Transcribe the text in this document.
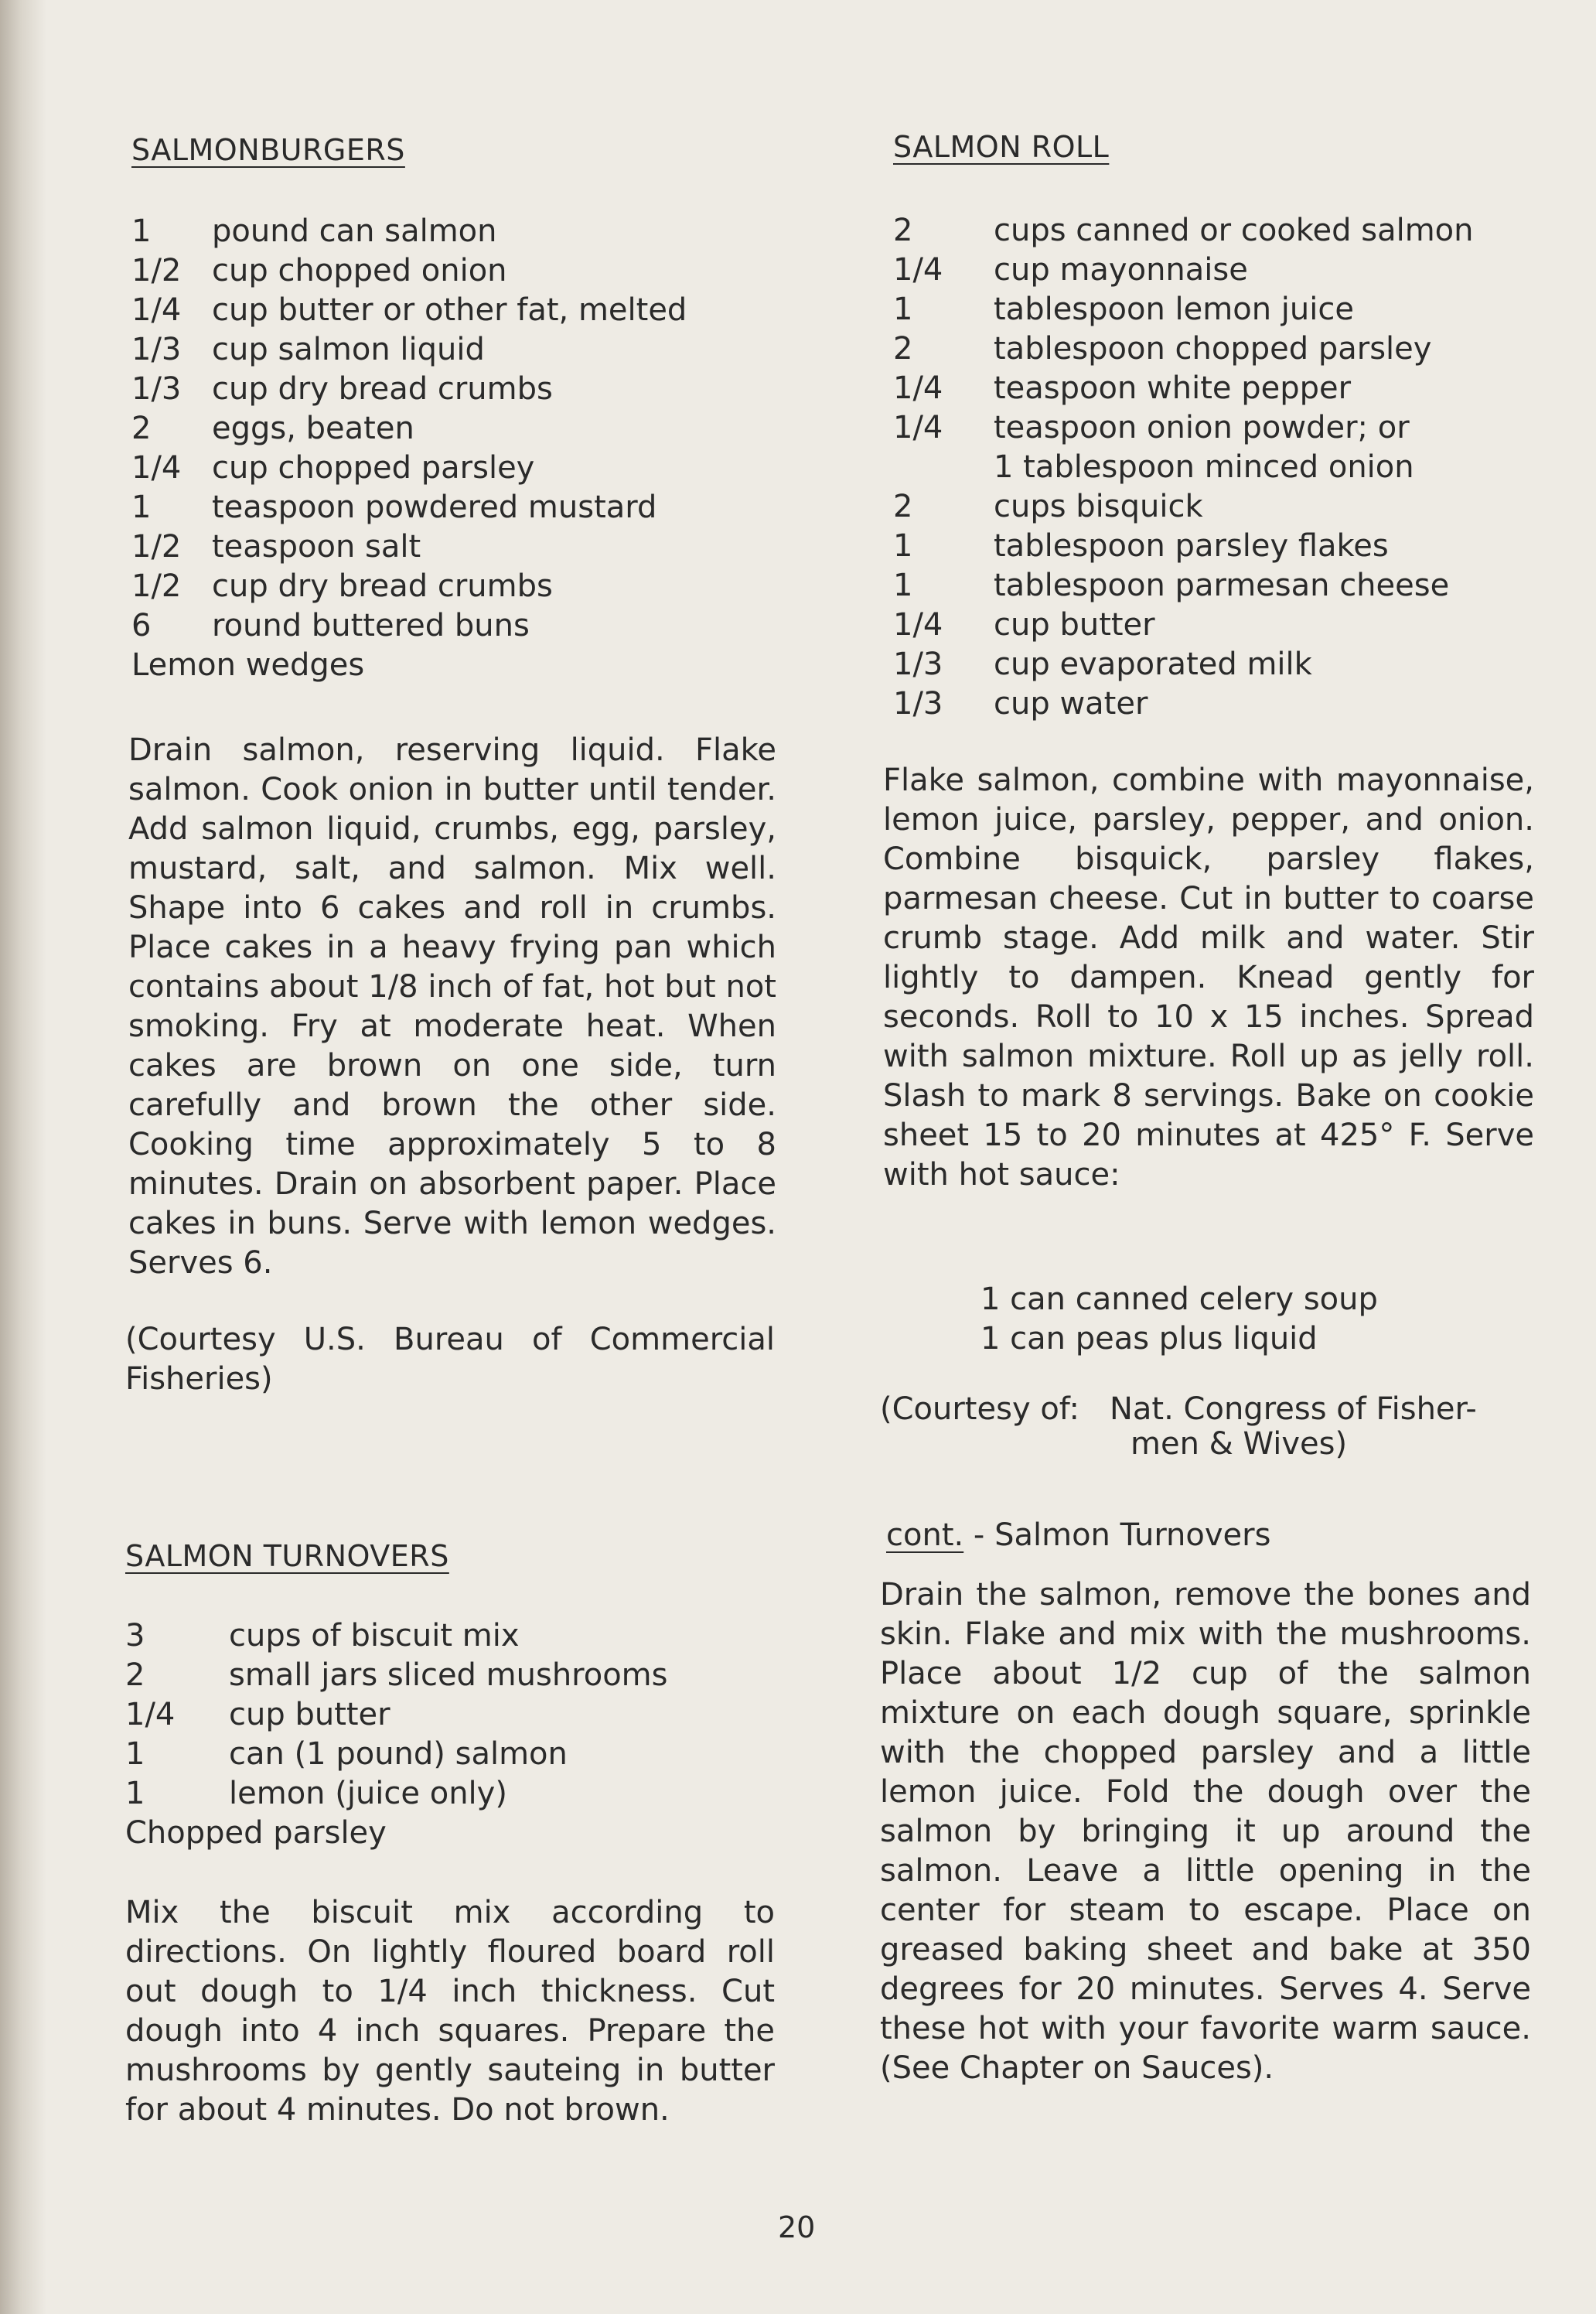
SALMONBURGERS
1 pound can salmon
1/2 cup chopped onion
1/4 cup butter or other fat, melted
1/3 cup salmon liquid
1/3 cup dry bread crumbs
2 eggs, beaten
1/4 cup chopped parsley
1 teaspoon powdered mustard
1/2 teaspoon salt
1/2 cup dry bread crumbs
6 round buttered buns
Lemon wedges

Drain salmon, reserving liquid. Flake salmon. Cook onion in butter until tender. Add salmon liquid, crumbs, egg, parsley, mustard, salt, and salmon. Mix well. Shape into 6 cakes and roll in crumbs. Place cakes in a heavy frying pan which contains about 1/8 inch of fat, hot but not smoking. Fry at moderate heat. When cakes are brown on one side, turn carefully and brown the other side. Cooking time approximately 5 to 8 minutes. Drain on absorbent paper. Place cakes in buns. Serve with lemon wedges. Serves 6.

(Courtesy U.S. Bureau of Commercial Fisheries)

SALMON TURNOVERS
3	cups of biscuit mix
2	small jars sliced mushrooms
1/4 cup butter
1	can (1 pound) salmon
1	lemon (juice only)
Chopped parsley

Mix the biscuit mix according to directions. On lightly floured board roll out dough to 1/4 inch thickness. Cut dough into 4 inch squares. Prepare the mushrooms by gently sauteing in butter for about 4 minutes. Do not brown.

SALMON ROLL
2	cups canned or cooked salmon
1/4 cup mayonnaise
1	tablespoon lemon juice
2	tablespoon chopped parsley
1/4 teaspoon white pepper
1/4 teaspoon onion powder; or
1 tablespoon minced onion
2	cups bisquick
1	tablespoon parsley flakes
1	tablespoon parmesan cheese
1/4 cup butter
1/3 cup evaporated milk
1/3 cup water

Flake salmon, combine with mayonnaise, lemon juice, parsley, pepper, and onion. Combine bisquick, parsley flakes, parmesan cheese. Cut in butter to coarse crumb stage. Add milk and water. Stir lightly to dampen. Knead gently for seconds. Roll to 10 x 15 inches. Spread with salmon mixture. Roll up as jelly roll. Slash to mark 8 servings. Bake on cookie sheet 15 to 20 minutes at 425° F. Serve with hot sauce:

1 can canned celery soup
1 can peas plus liquid
(Courtesy of: Nat. Congress of Fisher-
men & Wives)
cont. - Salmon Turnovers

Drain the salmon, remove the bones and skin. Flake and mix with the mushrooms. Place about 1/2 cup of the salmon mixture on each dough square, sprinkle with the chopped parsley and a little lemon juice. Fold the dough over the salmon by bringing it up around the salmon. Leave a little opening in the center for steam to escape. Place on greased baking sheet and bake at 350 degrees for 20 minutes. Serves 4. Serve these hot with your favorite warm sauce. (See Chapter on Sauces).

20
